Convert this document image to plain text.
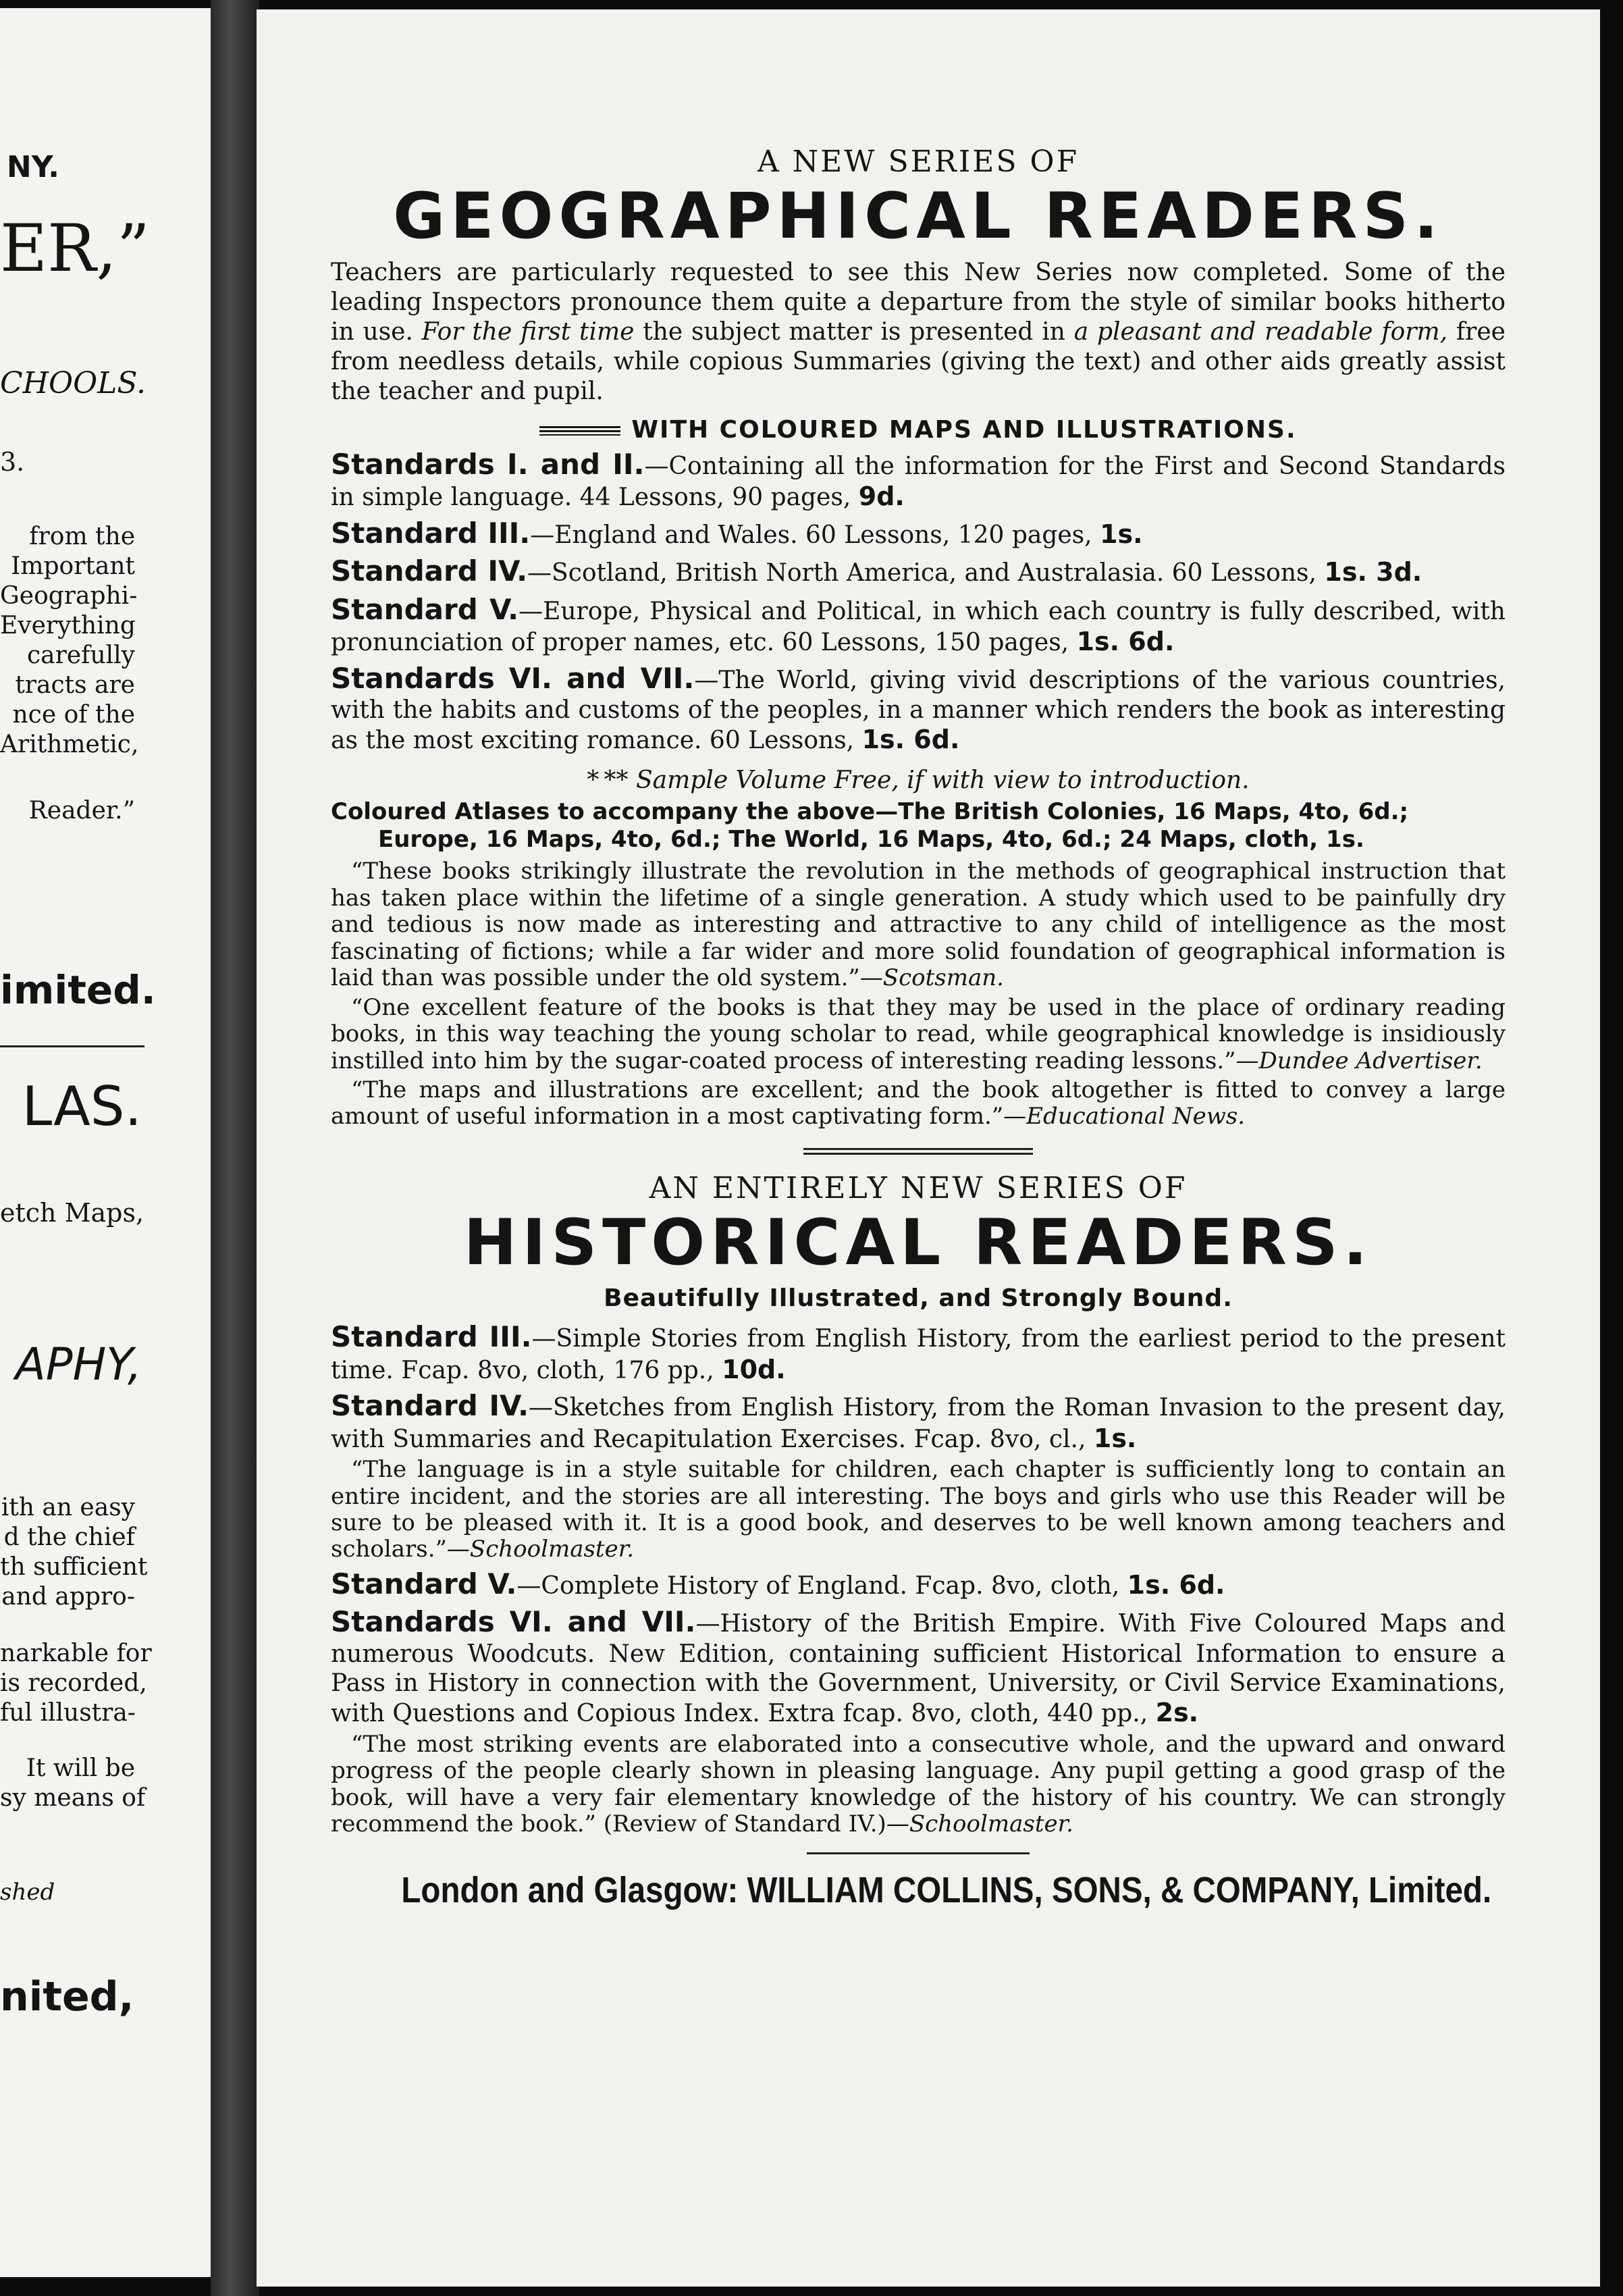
NY.
ER,”
CHOOLS.
3.
from the
Important
Geographi-
Everything
carefully
tracts are
nce of the
Arithmetic,
Reader.”
imited.
LAS.
etch Maps,
APHY,
ith an easy
d the chief
th sufficient
and appro-
narkable for
is recorded,
ful illustra-
It will be
sy means of
shed
nited,

A NEW SERIES OF

GEOGRAPHICAL READERS.

Teachers are particularly requested to see this New Series now completed. Some of the leading Inspectors pronounce them quite a departure from the style of similar books hitherto in use. For the first time the subject matter is presented in a pleasant and readable form, free from needless details, while copious Summaries (giving the text) and other aids greatly assist the teacher and pupil.

WITH COLOURED MAPS AND ILLUSTRATIONS.

Standards I. and II.—Containing all the information for the First and Second Standards in simple language. 44 Lessons, 90 pages, 9d.

Standard III.—England and Wales. 60 Lessons, 120 pages, 1s.

Standard IV.—Scotland, British North America, and Australasia. 60 Lessons, 1s. 3d.

Standard V.—Europe, Physical and Political, in which each country is fully described, with pronunciation of proper names, etc. 60 Lessons, 150 pages, 1s. 6d.

Standards VI. and VII.—The World, giving vivid descriptions of the various countries, with the habits and customs of the peoples, in a manner which renders the book as interesting as the most exciting romance. 60 Lessons, 1s. 6d.

* ** Sample Volume Free, if with view to introduction.

Coloured Atlases to accompany the above—The British Colonies, 16 Maps, 4to, 6d.;
Europe, 16 Maps, 4to, 6d.; The World, 16 Maps, 4to, 6d.; 24 Maps, cloth, 1s.

“These books strikingly illustrate the revolution in the methods of geographical instruction that has taken place within the lifetime of a single generation. A study which used to be painfully dry and tedious is now made as interesting and attractive to any child of intelligence as the most fascinating of fictions; while a far wider and more solid foundation of geographical information is laid than was possible under the old system.”—Scotsman.

“One excellent feature of the books is that they may be used in the place of ordinary reading books, in this way teaching the young scholar to read, while geographical knowledge is insidiously instilled into him by the sugar-coated process of interesting reading lessons.”—Dundee Advertiser.

“The maps and illustrations are excellent; and the book altogether is fitted to convey a large amount of useful information in a most captivating form.”—Educational News.

AN ENTIRELY NEW SERIES OF

HISTORICAL READERS.

Beautifully Illustrated, and Strongly Bound.

Standard III.—Simple Stories from English History, from the earliest period to the present time. Fcap. 8vo, cloth, 176 pp., 10d.

Standard IV.—Sketches from English History, from the Roman Invasion to the present day, with Summaries and Recapitulation Exercises. Fcap. 8vo, cl., 1s.

“The language is in a style suitable for children, each chapter is sufficiently long to contain an entire incident, and the stories are all interesting. The boys and girls who use this Reader will be sure to be pleased with it. It is a good book, and deserves to be well known among teachers and scholars.”—Schoolmaster.

Standard V.—Complete History of England. Fcap. 8vo, cloth, 1s. 6d.

Standards VI. and VII.—History of the British Empire. With Five Coloured Maps and numerous Woodcuts. New Edition, containing sufficient Historical Information to ensure a Pass in History in connection with the Government, University, or Civil Service Examinations, with Questions and Copious Index. Extra fcap. 8vo, cloth, 440 pp., 2s.

“The most striking events are elaborated into a consecutive whole, and the upward and onward progress of the people clearly shown in pleasing language. Any pupil getting a good grasp of the book, will have a very fair elementary knowledge of the history of his country. We can strongly recommend the book.” (Review of Standard IV.)—Schoolmaster.

London and Glasgow: WILLIAM COLLINS, SONS, & COMPANY, Limited.
